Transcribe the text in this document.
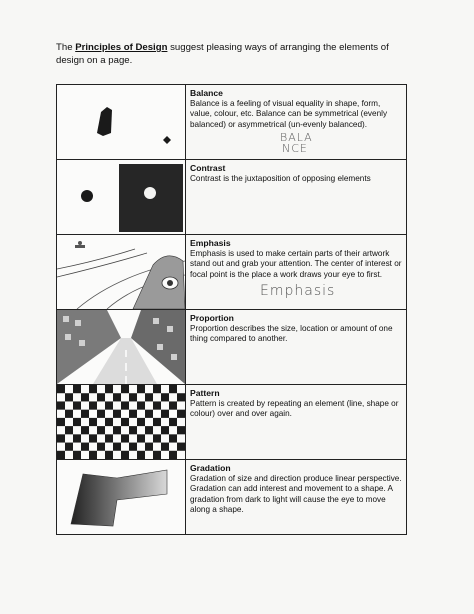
The Principles of Design suggest pleasing ways of arranging the elements of design on a page.

Balance
Balance is a feeling of visual equality in shape, form, value, colour, etc. Balance can be symmetrical (evenly balanced) or asymmetrical (un-evenly balanced).
BALA
NCE

Contrast
Contrast is the juxtaposition of opposing elements

Emphasis
Emphasis is used to make certain parts of their artwork stand out and grab your attention. The center of interest or focal point is the place a work draws your eye to first.
Emphasis

Proportion
Proportion describes the size, location or amount of one thing compared to another.

Pattern
Pattern is created by repeating an element (line, shape or colour) over and over again.

Gradation
Gradation of size and direction produce linear perspective. Gradation can add interest and movement to a shape. A gradation from dark to light will cause the eye to move along a shape.
